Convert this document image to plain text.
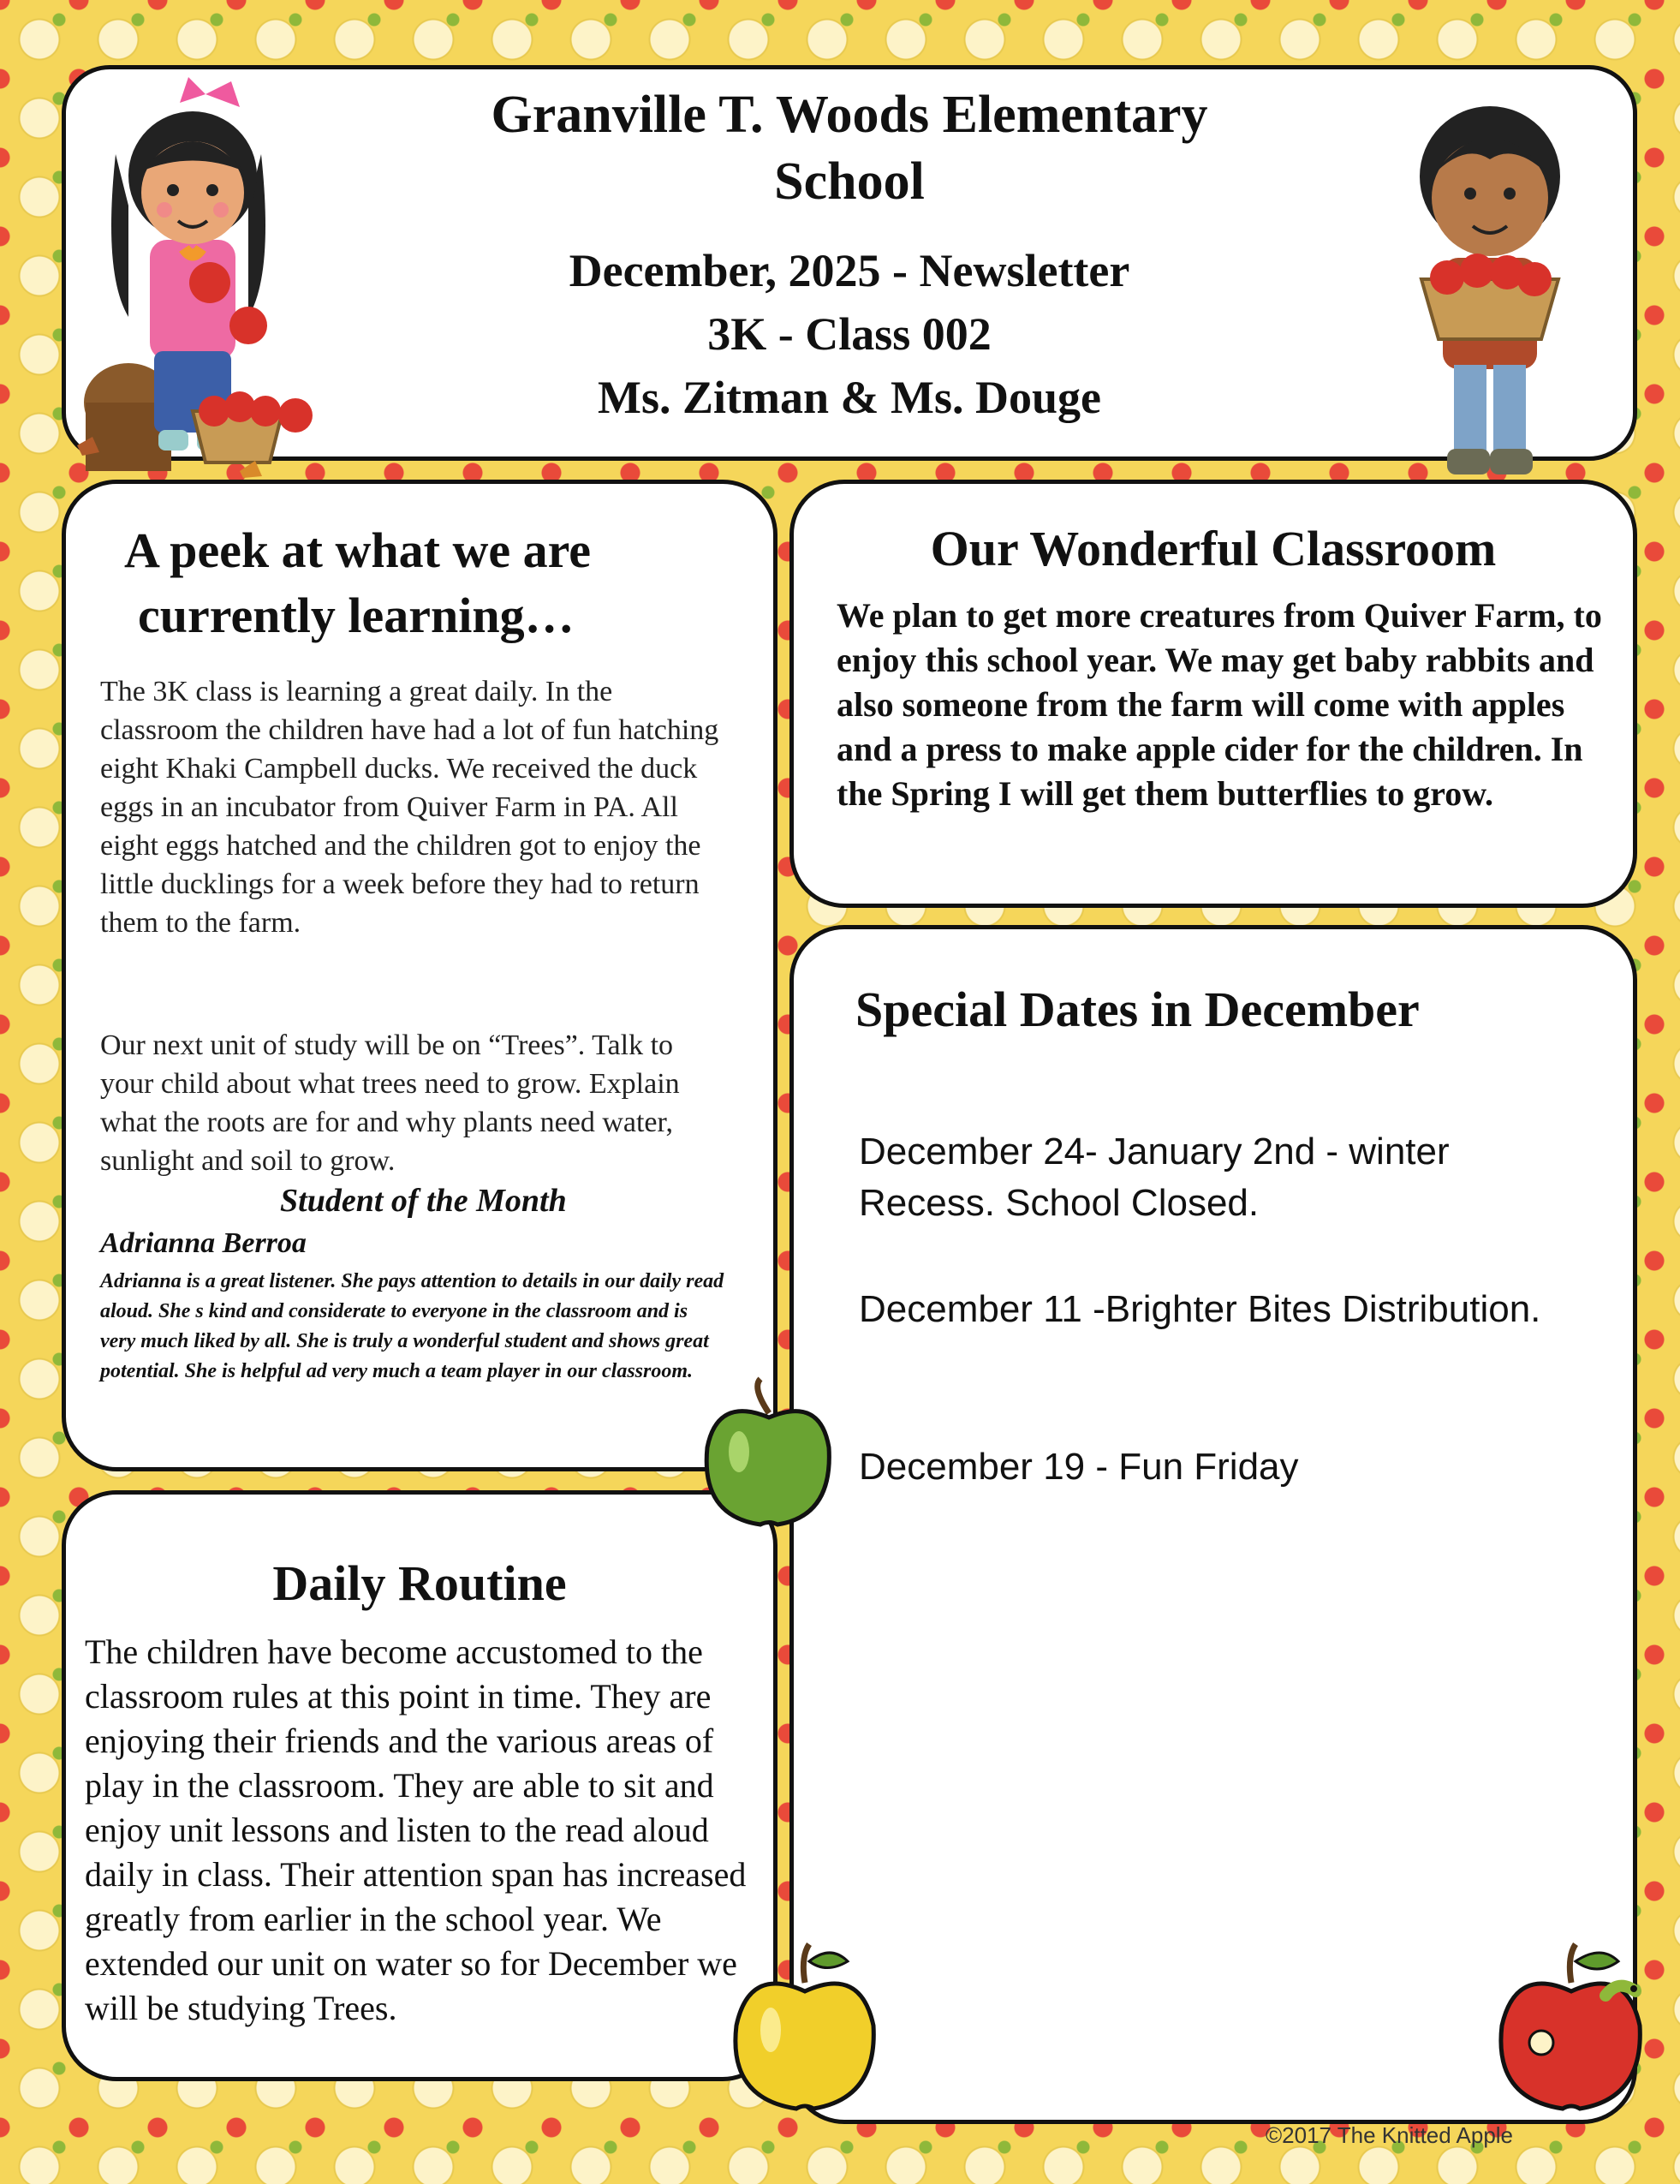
Granville T. Woods Elementary
School
December, 2025 - Newsletter
3K - Class 002
Ms. Zitman & Ms. Douge
A peek at what we are
currently learning…
The 3K class is learning a great daily. In the classroom the children have had a lot of fun hatching eight Khaki Campbell ducks. We received the duck eggs in an incubator from Quiver Farm in PA. All eight eggs hatched and the children got to enjoy the little ducklings for a week before they had to return them to the farm.
Our next unit of study will be on “Trees”. Talk to your child about what trees need to grow. Explain what the roots are for and why plants need water, sunlight and soil to grow.
Student of the Month
Adrianna Berroa
Adrianna is a great listener. She pays attention to details in our daily read aloud. She s kind and considerate to everyone in the classroom and is very much liked by all. She is truly a wonderful student and shows great potential. She is helpful ad very much a team player in our classroom.
Our Wonderful Classroom
We plan to get more creatures from Quiver Farm, to enjoy this school year. We may get baby rabbits and also someone from the farm will come with apples and a press to make apple cider for the children. In the Spring I will get them butterflies to grow.
Special Dates in December
December 24- January 2nd - winter Recess. School Closed.
December 11 -Brighter Bites Distribution.
December 19 - Fun Friday
Daily Routine
The children have become accustomed to the classroom rules at this point in time. They are enjoying their friends and the various areas of play in the classroom. They are able to sit and enjoy unit lessons and listen to the read aloud daily in class. Their attention span has increased greatly from earlier in the school year. We extended our unit on water so for December we will be studying Trees.
©2017 The Knitted Apple
